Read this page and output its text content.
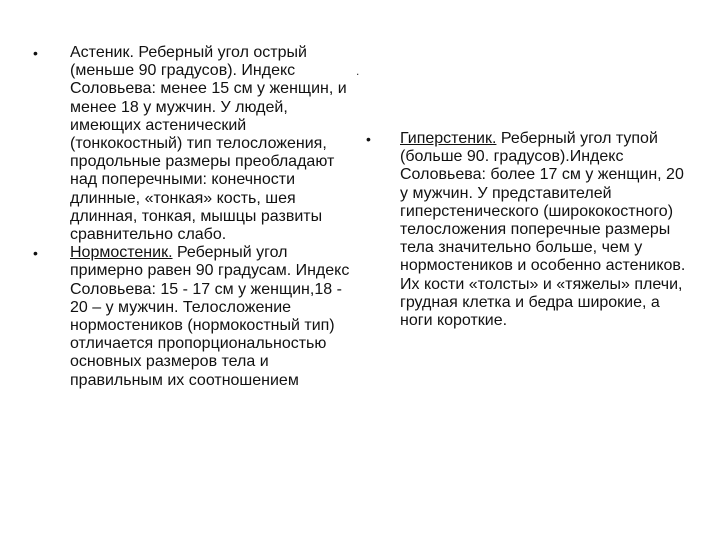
• Астеник. Реберный угол острый (меньше 90 градусов). Индекс Соловьева: менее 15 см у женщин, и менее 18 у мужчин. У людей, имеющих астенический (тонкокостный) тип телосложения, продольные размеры преобладают над поперечными: конечности длинные, «тонкая» кость, шея длинная, тонкая, мышцы развиты сравнительно слабо.
• Нормостеник. Реберный угол примерно равен 90 градусам. Индекс Соловьева: 15 - 17 см у женщин,18 - 20 – у мужчин. Телосложение нормостеников (нормокостный тип) отличается пропорциональностью основных размеров тела и правильным их соотношением
.
• Гиперстеник. Реберный угол тупой (больше 90. градусов).Индекс Соловьева: более 17 см у женщин, 20 у мужчин. У представителей гиперстенического (ширококостного) телосложения поперечные размеры тела значительно больше, чем у нормостеников и особенно астеников. Их кости «толсты» и «тяжелы» плечи, грудная клетка и бедра широкие, а ноги короткие.
